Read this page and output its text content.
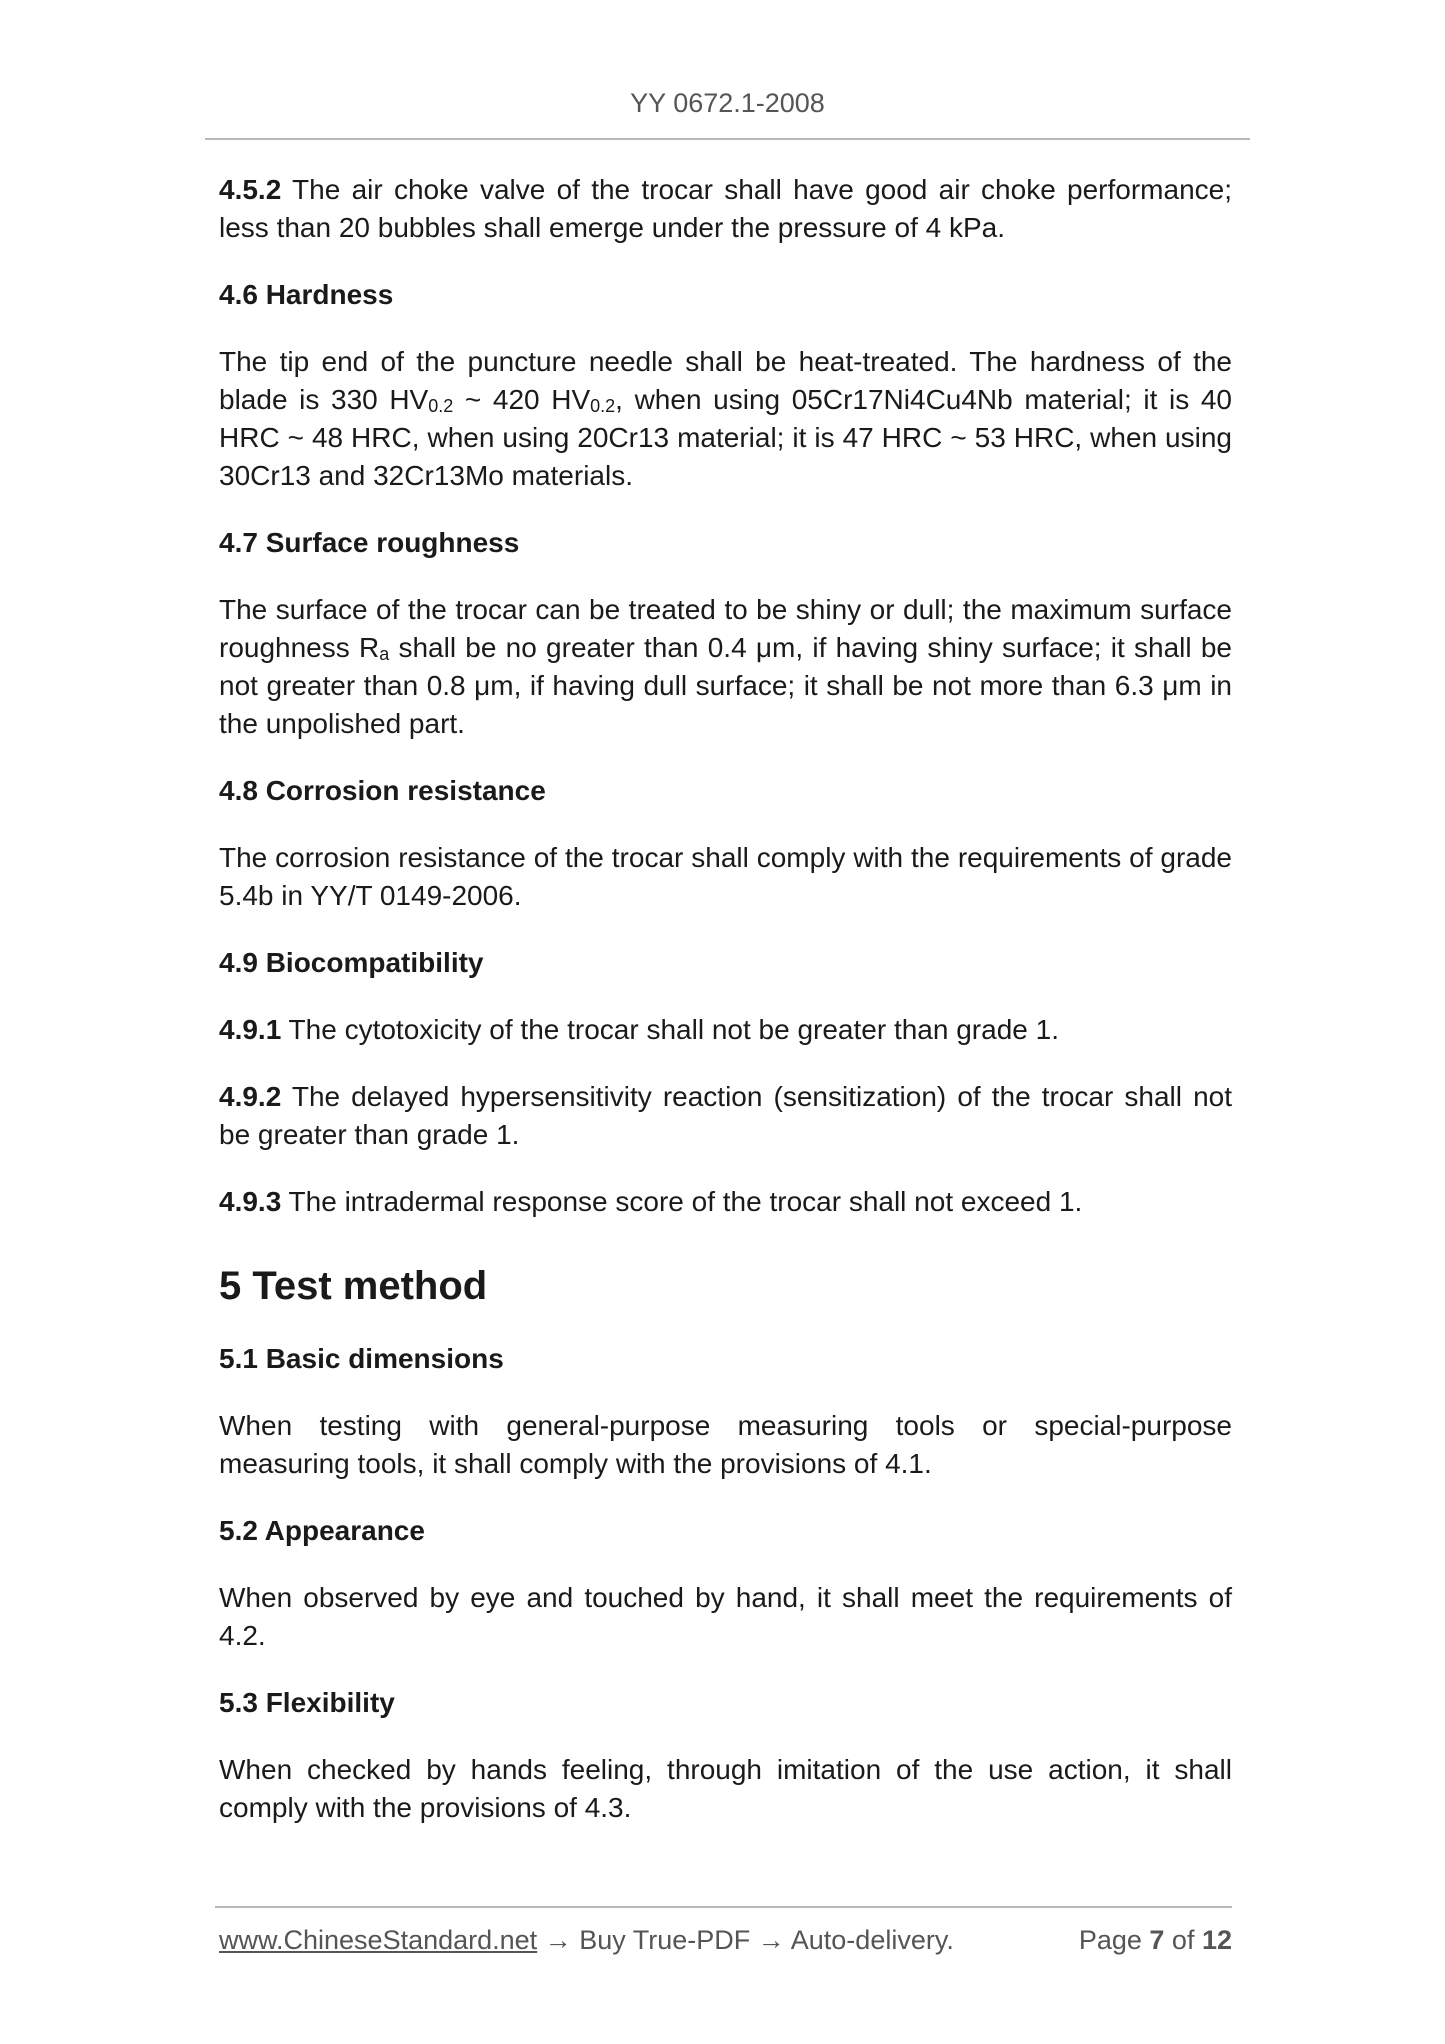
YY 0672.1-2008

4.5.2 The air choke valve of the trocar shall have good air choke performance; less than 20 bubbles shall emerge under the pressure of 4 kPa.

4.6 Hardness

The tip end of the puncture needle shall be heat-treated. The hardness of the blade is 330 $HV_{0.2}$ ~ 420 $HV_{0.2}$, when using 05Cr17Ni4Cu4Nb material; it is 40 HRC ~ 48 HRC, when using 20Cr13 material; it is 47 HRC ~ 53 HRC, when using 30Cr13 and 32Cr13Mo materials.

4.7 Surface roughness

The surface of the trocar can be treated to be shiny or dull; the maximum surface roughness $R_a$ shall be no greater than 0.4 μm, if having shiny surface; it shall be not greater than 0.8 μm, if having dull surface; it shall be not more than 6.3 μm in the unpolished part.

4.8 Corrosion resistance

The corrosion resistance of the trocar shall comply with the requirements of grade 5.4b in YY/T 0149-2006.

4.9 Biocompatibility

4.9.1 The cytotoxicity of the trocar shall not be greater than grade 1.

4.9.2 The delayed hypersensitivity reaction (sensitization) of the trocar shall not be greater than grade 1.

4.9.3 The intradermal response score of the trocar shall not exceed 1.

5 Test method

5.1 Basic dimensions

When testing with general-purpose measuring tools or special-purpose measuring tools, it shall comply with the provisions of 4.1.

5.2 Appearance

When observed by eye and touched by hand, it shall meet the requirements of 4.2.

5.3 Flexibility

When checked by hands feeling, through imitation of the use action, it shall comply with the provisions of 4.3.

www.ChineseStandard.net → Buy True-PDF → Auto-delivery.	Page 7 of 12
